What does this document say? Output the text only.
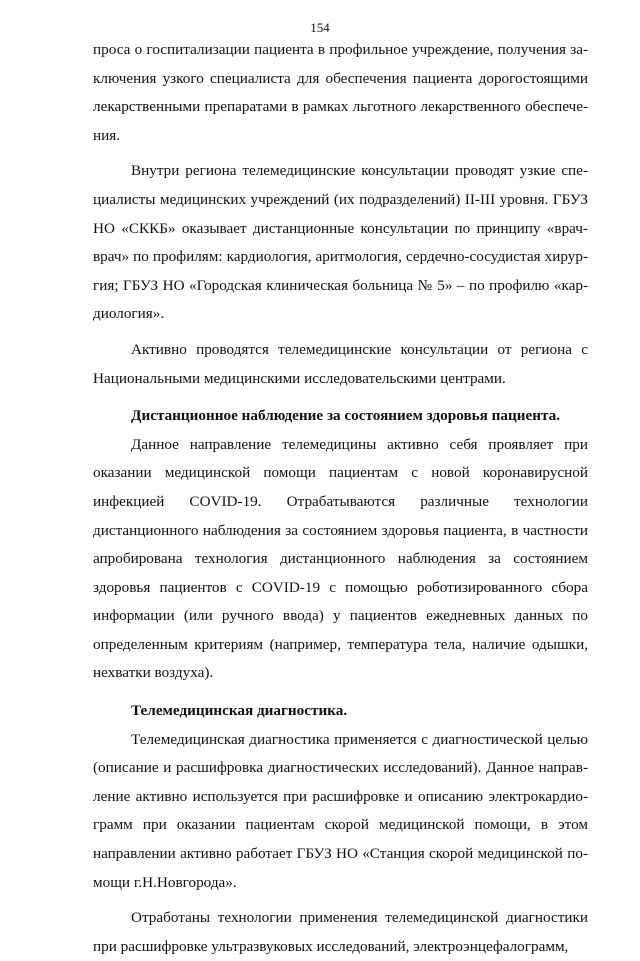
154

проса о госпитализации пациента в профильное учреждение, получения заключения узкого специалиста для обеспечения пациента дорогостоящими лекарственными препаратами в рамках льготного лекарственного обеспечения.

Внутри региона телемедицинские консультации проводят узкие специалисты медицинских учреждений (их подразделений) II-III уровня. ГБУЗ НО «СККБ» оказывает дистанционные консультации по принципу «врач-врач» по профилям: кардиология, аритмология, сердечно-сосудистая хирургия; ГБУЗ НО «Городская клиническая больница № 5» – по профилю «кардиология».

Активно проводятся телемедицинские консультации от региона с Национальными медицинскими исследовательскими центрами.

Дистанционное наблюдение за состоянием здоровья пациента.

Данное направление телемедицины активно себя проявляет при оказании медицинской помощи пациентам с новой коронавирусной инфекцией COVID-19. Отрабатываются различные технологии дистанционного наблюдения за состоянием здоровья пациента, в частности апробирована технология дистанционного наблюдения за состоянием здоровья пациентов с COVID-19 с помощью роботизированного сбора информации (или ручного ввода) у пациентов ежедневных данных по определенным критериям (например, температура тела, наличие одышки, нехватки воздуха).

Телемедицинская диагностика.

Телемедицинская диагностика применяется с диагностической целью (описание и расшифровка диагностических исследований). Данное направление активно используется при расшифровке и описанию электрокардиограмм при оказании пациентам скорой медицинской помощи, в этом направлении активно работает ГБУЗ НО «Станция скорой медицинской помощи г.Н.Новгорода».

Отработаны технологии применения телемедицинской диагностики при расшифровке ультразвуковых исследований, электроэнцефалограмм,
